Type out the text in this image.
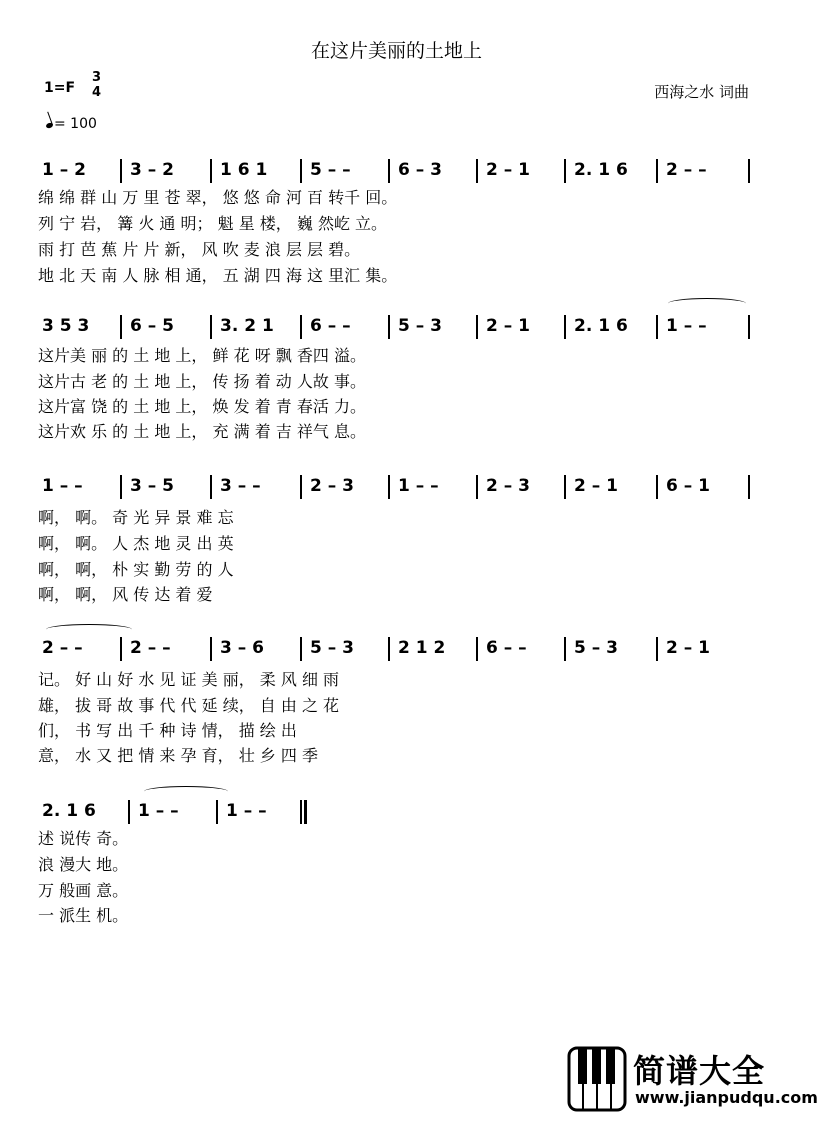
在这片美丽的土地上
1=F
3
4	西海之水 词曲
= 100
1 – 2	3 – 2	1 6 1	5 – –	6 – 3	2 – 1	2. 1 6 2 – –
绵 绵 群 山 万 里 苍 翠， 悠 悠 命 河 百 转千 回。
列 宁 岩， 篝 火 通 明； 魁 星 楼， 巍 然屹 立。
雨 打 芭 蕉 片 片 新， 风 吹 麦 浪 层 层 碧。
地 北 天 南 人 脉 相 通， 五 湖 四 海 这 里汇 集。
3 5 3 6 – 5	3. 2 1 6 – –	5 – 3	2 – 1	2. 1 6 1 – –
这片美 丽 的 土 地 上， 鲜 花 呀 飘 香四 溢。
这片古 老 的 土 地 上， 传 扬 着 动 人故 事。
这片富 饶 的 土 地 上， 焕 发 着 青 春活 力。
这片欢 乐 的 土 地 上， 充 满 着 吉 祥气 息。
1 – –	3 – 5	3 – –	2 – 3	1 – –	2 – 3	2 – 1	6 – 1
啊， 啊。 奇 光 异 景 难 忘
啊， 啊。 人 杰 地 灵 出 英
啊， 啊， 朴 实 勤 劳 的 人
啊， 啊， 风 传 达 着 爱
2 – –	2 – –	3 – 6	5 – 3	2 1 2 6 – –	5 – 3	2 – 1
记。 好 山 好 水 见 证 美 丽， 柔 风 细 雨
雄， 拔 哥 故 事 代 代 延 续， 自 由 之 花
们， 书 写 出 千 种 诗 情， 描 绘 出
意， 水 又 把 情 来 孕 育， 壮 乡 四 季
2. 1 6 1 – –	1 – –
述 说传 奇。
浪 漫大 地。
万 般画 意。
一 派生 机。
简谱大全
www.jianpudqu.com
